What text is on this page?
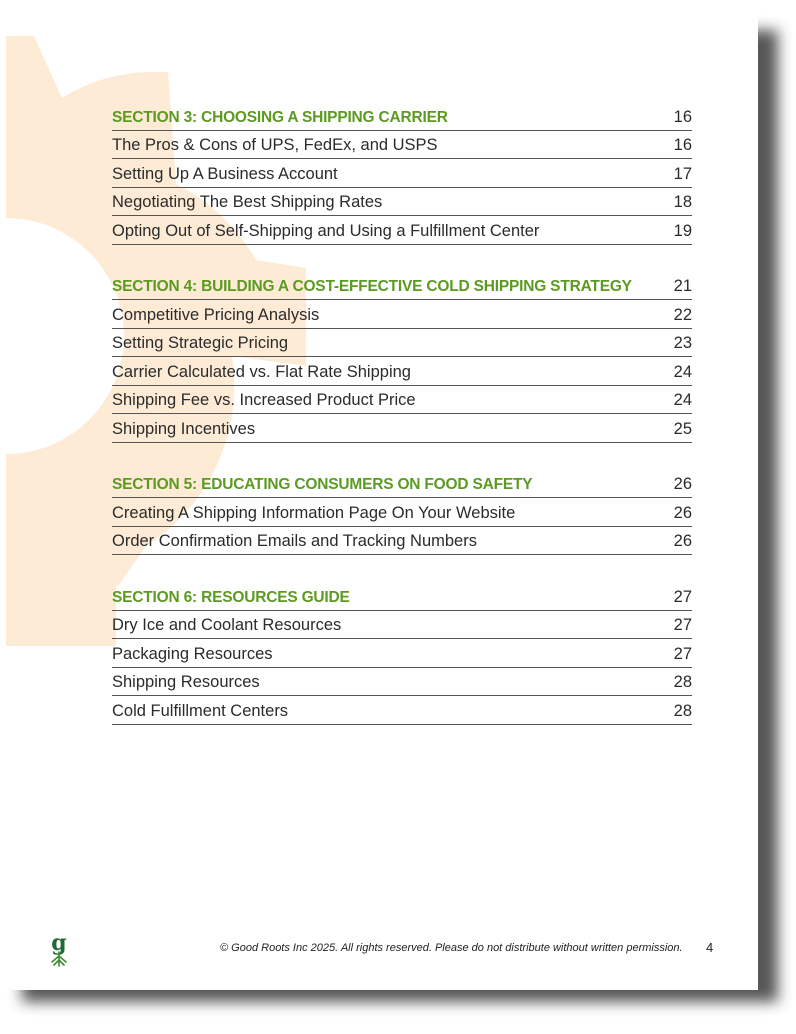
SECTION 3: CHOOSING A SHIPPING CARRIER	16
The Pros & Cons of UPS, FedEx, and USPS	16
Setting Up A Business Account	17
Negotiating The Best Shipping Rates	18
Opting Out of Self-Shipping and Using a Fulfillment Center	19
SECTION 4: BUILDING A COST-EFFECTIVE COLD SHIPPING STRATEGY	21
Competitive Pricing Analysis	22
Setting Strategic Pricing	23
Carrier Calculated vs. Flat Rate Shipping	24
Shipping Fee vs. Increased Product Price	24
Shipping Incentives	25
SECTION 5: EDUCATING CONSUMERS ON FOOD SAFETY	26
Creating A Shipping Information Page On Your Website	26
Order Confirmation Emails and Tracking Numbers	26
SECTION 6: RESOURCES GUIDE	27
Dry Ice and Coolant Resources	27
Packaging Resources	27
Shipping Resources	28
Cold Fulfillment Centers	28
g	© Good Roots Inc 2025. All rights reserved. Please do not distribute without written permission. 4
